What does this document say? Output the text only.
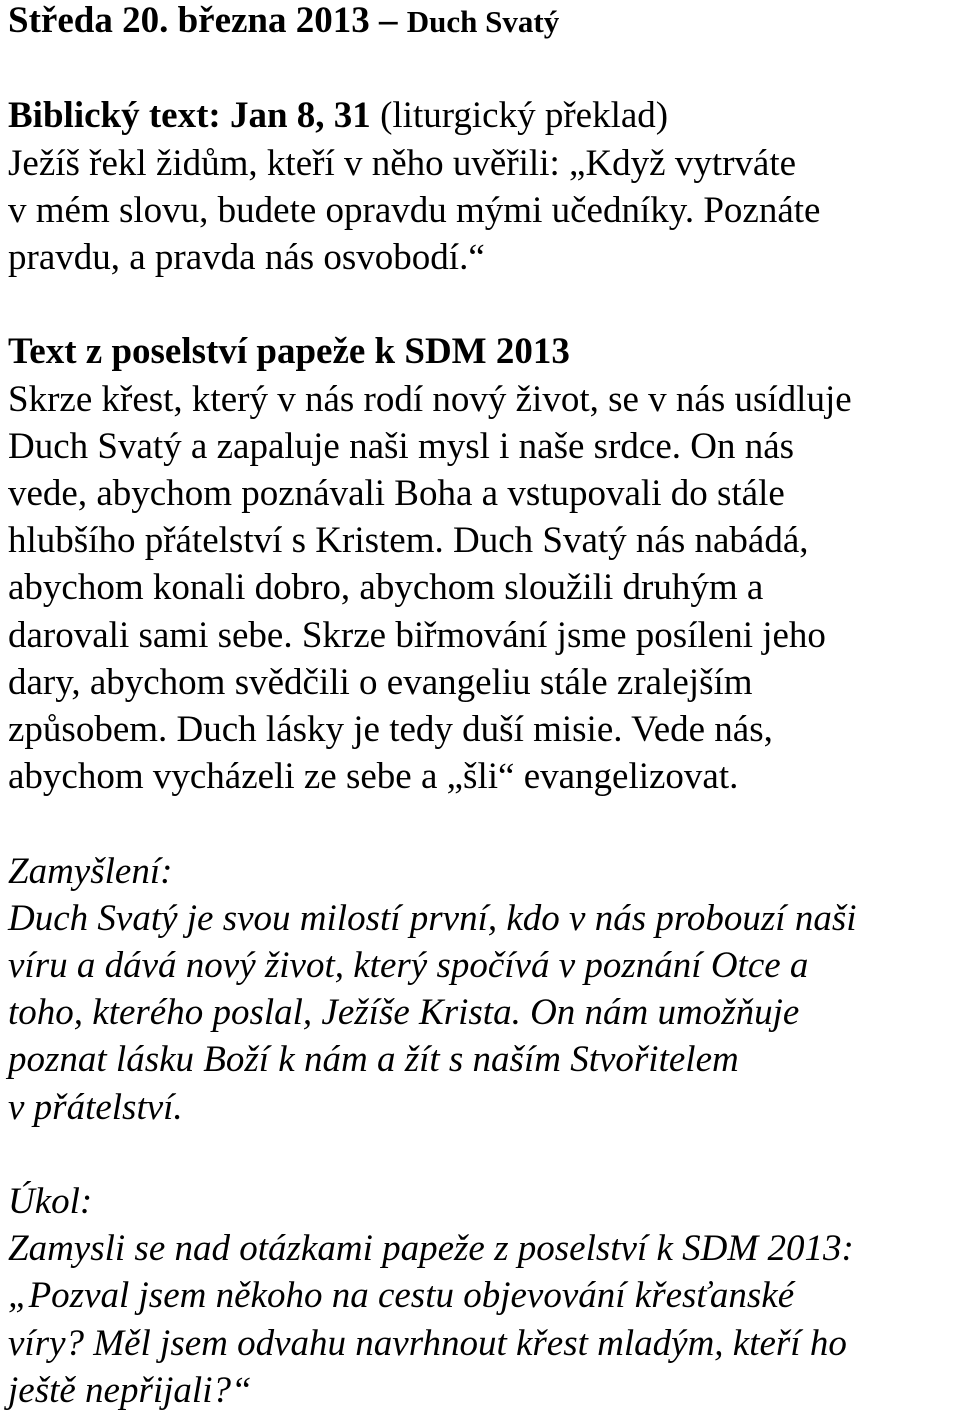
Středa 20. března 2013 – Duch Svatý
Biblický text: Jan 8, 31 (liturgický překlad)
Ježíš řekl židům, kteří v něho uvěřili: „Když vytrváte
v mém slovu, budete opravdu mými učedníky. Poznáte
pravdu, a pravda nás osvobodí.“
Text z poselství papeže k SDM 2013
Skrze křest, který v nás rodí nový život, se v nás usídluje
Duch Svatý a zapaluje naši mysl i naše srdce. On nás
vede, abychom poznávali Boha a vstupovali do stále
hlubšího přátelství s Kristem. Duch Svatý nás nabádá,
abychom konali dobro, abychom sloužili druhým a
darovali sami sebe. Skrze biřmování jsme posíleni jeho
dary, abychom svědčili o evangeliu stále zralejším
způsobem. Duch lásky je tedy duší misie. Vede nás,
abychom vycházeli ze sebe a „šli“ evangelizovat.
Zamyšlení:
Duch Svatý je svou milostí první, kdo v nás probouzí naši
víru a dává nový život, který spočívá v poznání Otce a
toho, kterého poslal, Ježíše Krista. On nám umožňuje
poznat lásku Boží k nám a žít s naším Stvořitelem
v přátelství.
Úkol:
Zamysli se nad otázkami papeže z poselství k SDM 2013:
„Pozval jsem někoho na cestu objevování křesťanské
víry? Měl jsem odvahu navrhnout křest mladým, kteří ho
ještě nepřijali?“
